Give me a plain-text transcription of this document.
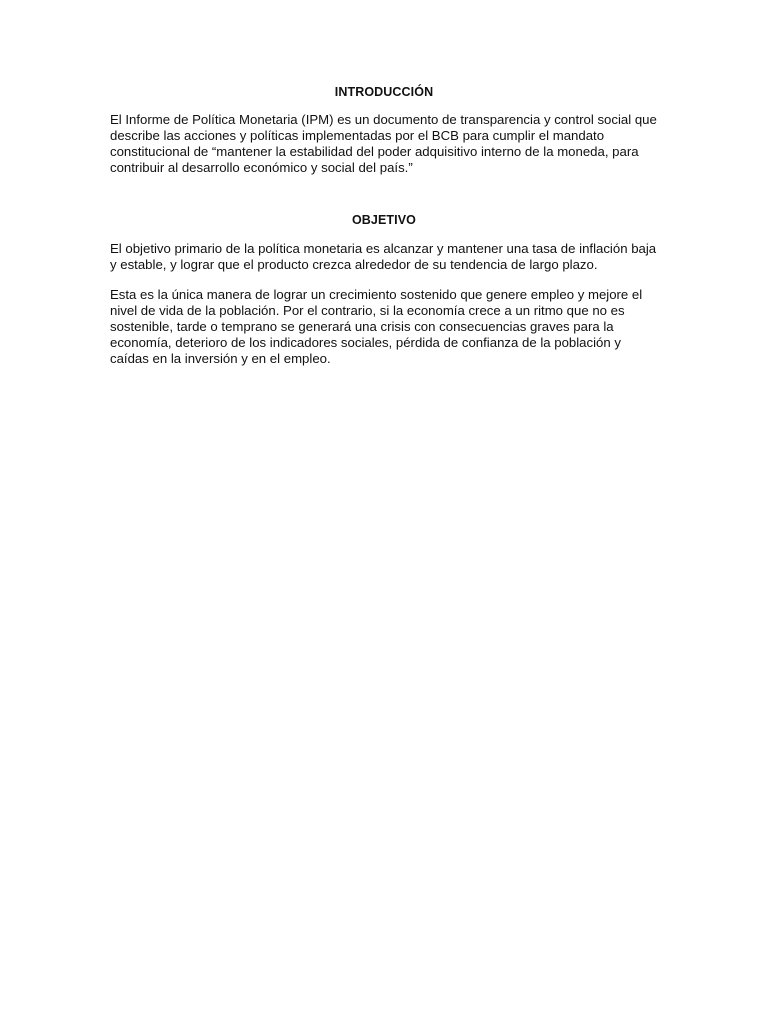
INTRODUCCIÓN

El Informe de Política Monetaria (IPM) es un documento de transparencia y control social que describe las acciones y políticas implementadas por el BCB para cumplir el mandato constitucional de “mantener la estabilidad del poder adquisitivo interno de la moneda, para contribuir al desarrollo económico y social del país.”

OBJETIVO

El objetivo primario de la política monetaria es alcanzar y mantener una tasa de inflación baja y estable, y lograr que el producto crezca alrededor de su tendencia de largo plazo.

Esta es la única manera de lograr un crecimiento sostenido que genere empleo y mejore el nivel de vida de la población. Por el contrario, si la economía crece a un ritmo que no es sostenible, tarde o temprano se generará una crisis con consecuencias graves para la economía, deterioro de los indicadores sociales, pérdida de confianza de la población y caídas en la inversión y en el empleo.
